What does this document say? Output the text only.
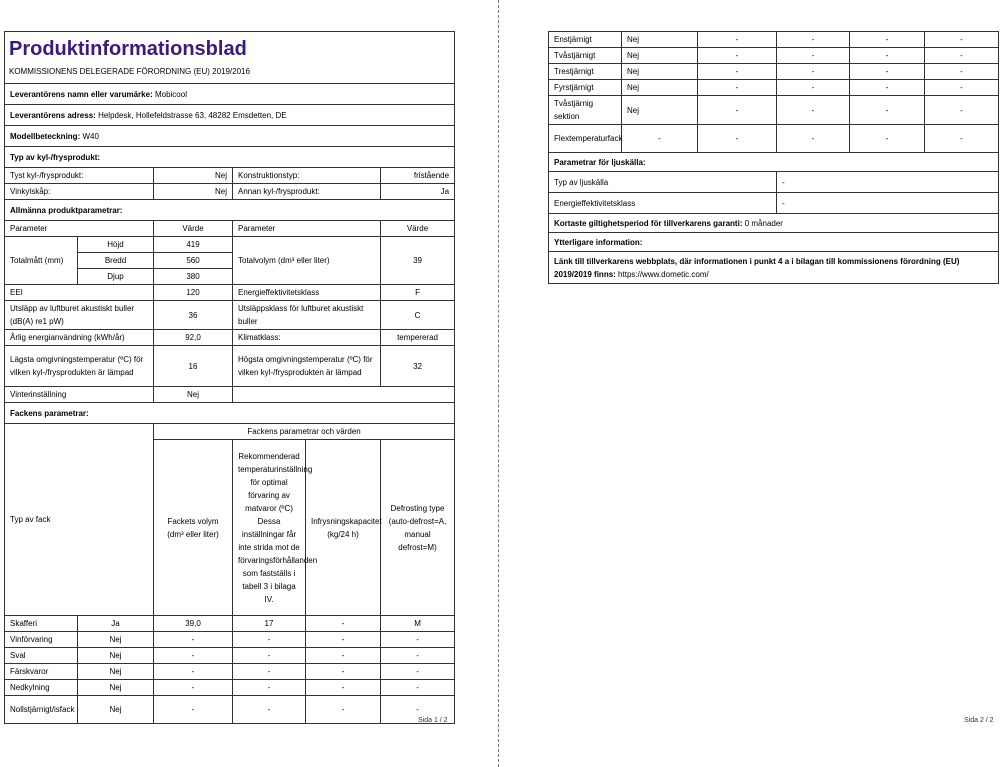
Produktinformationsblad					
KOMMISSIONENS DELEGERADE FÖRORDNING (EU) 2019/2016					
Leverantörens namn eller varumärke: Mobicool					
Leverantörens adress: Helpdesk, Hollefeldstrasse 63, 48282 Emsdetten, DE					
Modellbeteckning: W40					
Typ av kyl-/frysprodukt:					
Tyst kyl-/frysprodukt:		Nej	Konstruktionstyp:		fristående
Vinkylskåp:		Nej	Annan kyl-/frysprodukt:		Ja
Allmänna produktparametrar:					
Parameter		Värde	Parameter		Värde
Totalmått (mm)	Höjd	419	Totalvolym (dm³ eller liter)		39
	Bredd	560			
	Djup	380			
EEI		120	Energieffektivitetsklass		F
Utsläpp av luftburet akustiskt buller (dB(A) re1 pW)		36	Utsläppsklass för luftburet akustiskt buller		C
Årlig energianvändning (kWh/år)		92,0	Klimatklass:		tempererad
Lägsta omgivningstemperatur (ºC) för vilken kyl-/frysprodukten är lämpad		16	Högsta omgivningstemperatur (ºC) för vilken kyl-/frysprodukten är lämpad		32
Vinterinställning		Nej			
Fackens parametrar:					
Typ av fack		Fackens parametrar och värden			
		Fackets volym (dm³ eller liter)	Rekommenderad temperaturinställning för optimal förvaring av matvaror (ºC) Dessa inställningar får inte strida mot de förvaringsförhållanden som fastställs i tabell 3 i bilaga IV.	Infrysningskapacitet (kg/24 h)	Defrosting type (auto-defrost=A, manual defrost=M)
Skafferi	Ja	39,0	17	-	M
Vinförvaring	Nej	-	-	-	-
Sval	Nej	-	-	-	-
Färskvaror	Nej	-	-	-	-
Nedkylning	Nej	-	-	-	-
Nollstjärnigt/isfack	Nej	-	-	-	-
Sida 1 / 2
Enstjärnigt	Nej	-	-	-	-
Tvåstjärnigt	Nej	-	-	-	-
Trestjärnigt	Nej	-	-	-	-
Fyrstjärnigt	Nej	-	-	-	-
Tvåstjärnig sektion	Nej	-	-	-	-
Flextemperaturfack	-	-	-	-	-
Parametrar för ljuskälla:					
Typ av ljuskälla			-		
Energieffektivitetsklass			-		
Kortaste giltighetsperiod för tillverkarens garanti: 0 månader					
Ytterligare information:					
Länk till tillverkarens webbplats, där informationen i punkt 4 a i bilagan till kommissionens förordning (EU) 2019/2019 finns: https://www.dometic.com/					
Sida 2 / 2
